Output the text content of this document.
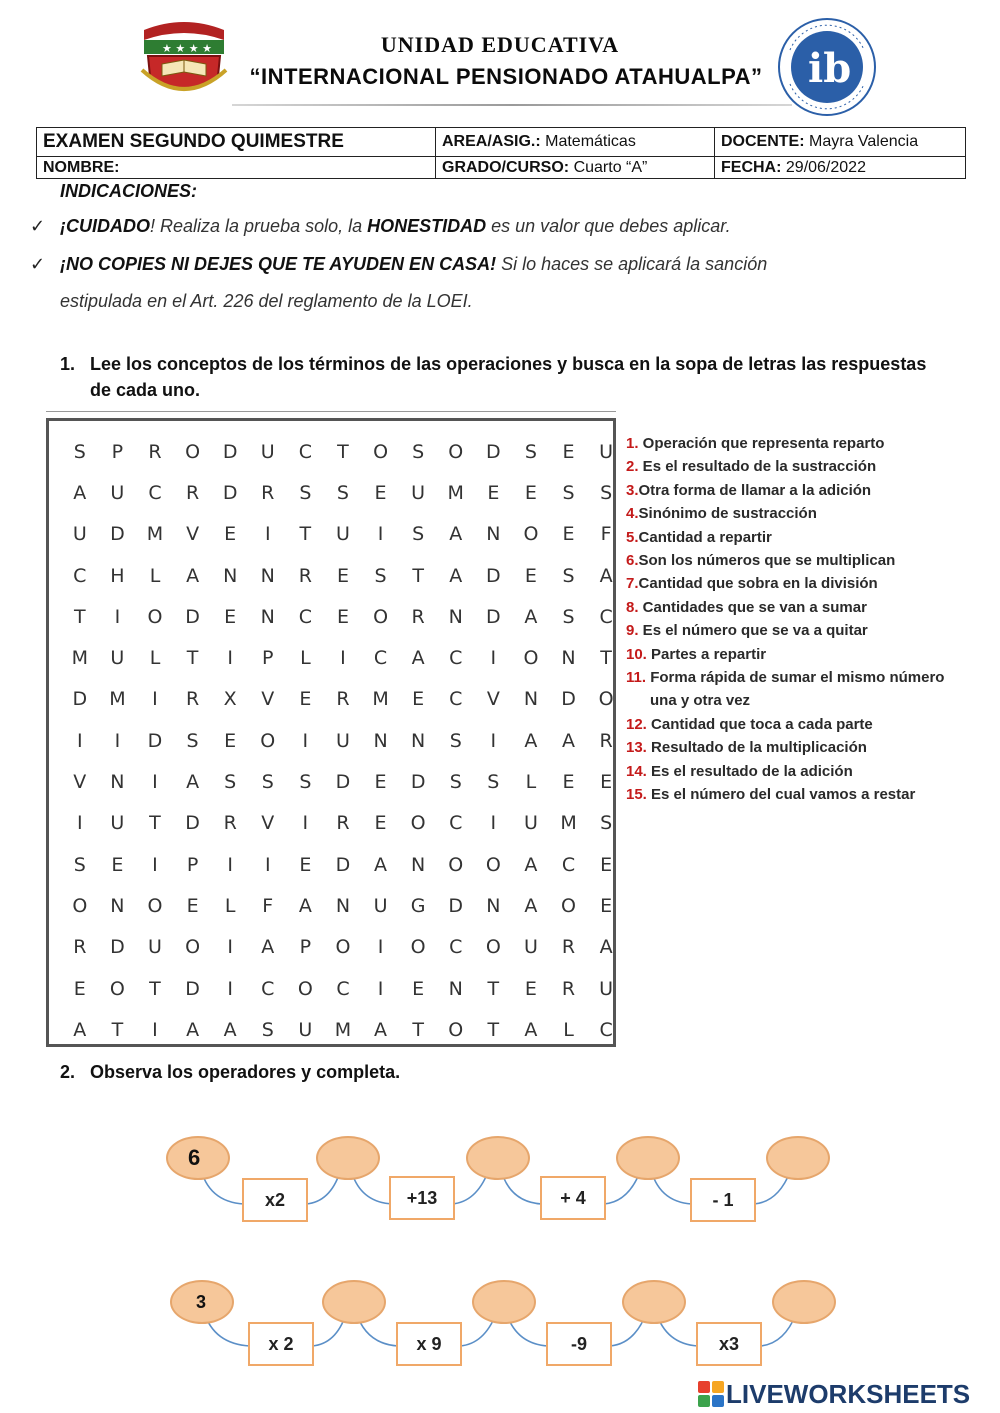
★ ★ ★ ★	UNIDAD EDUCATIVA
“INTERNACIONAL PENSIONADO ATAHUALPA”	ib
EXAMEN SEGUNDO QUIMESTRE	AREA/ASIG.: Matemáticas	DOCENTE: Mayra Valencia
NOMBRE:	GRADO/CURSO: Cuarto “A”	FECHA: 29/06/2022
INDICACIONES:
✓ ¡CUIDADO! Realiza la prueba solo, la HONESTIDAD es un valor que debes aplicar.
✓ ¡NO COPIES NI DEJES QUE TE AYUDEN EN CASA! Si lo haces se aplicará la sanción
estipulada en el Art. 226 del reglamento de la LOEI.
1. Lee los conceptos de los términos de las operaciones y busca en la sopa de letras las respuestas de cada uno.
S	P	R	O	D	U	C	T	O	S	O	D	S	E	U
A	U	C	R	D	R	S	S	E	U	M	E	E	S	S
U	D	M	V	E	I	T	U	I	S	A	N	O	E	F
C	H	L	A	N	N	R	E	S	T	A	D	E	S	A
T	I	O	D	E	N	C	E	O	R	N	D	A	S	C
M	U	L	T	I	P	L	I	C	A	C	I	O	N	T
D	M	I	R	X	V	E	R	M	E	C	V	N	D	O
I	I	D	S	E	O	I	U	N	N	S	I	A	A	R
V	N	I	A	S	S	S	D	E	D	S	S	L	E	E
I	U	T	D	R	V	I	R	E	O	C	I	U	M	S
S	E	I	P	I	I	E	D	A	N	O	O	A	C	E
O	N	O	E	L	F	A	N	U	G	D	N	A	O	E
R	D	U	O	I	A	P	O	I	O	C	O	U	R	A
E	O	T	D	I	C	O	C	I	E	N	T	E	R	U
A	T	I	A	A	S	U	M	A	T	O	T	A	L	C
1. Operación que representa reparto
2. Es el resultado de la sustracción
3.Otra forma de llamar a la adición
4.Sinónimo de sustracción
5.Cantidad a repartir
6.Son los números que se multiplican
7.Cantidad que sobra en la división
8. Cantidades que se van a sumar
9. Es el número que se va a quitar
10. Partes a repartir
11. Forma rápida de sumar el mismo número
una y otra vez
12. Cantidad que toca a cada parte
13. Resultado de la multiplicación
14. Es el resultado de la adición
15. Es el número del cual vamos a restar
2. Observa los operadores y completa.
6
x2	+13	+ 4	- 1
3
x 2	x 9	-9	x3
LIVEWORKSHEETS
